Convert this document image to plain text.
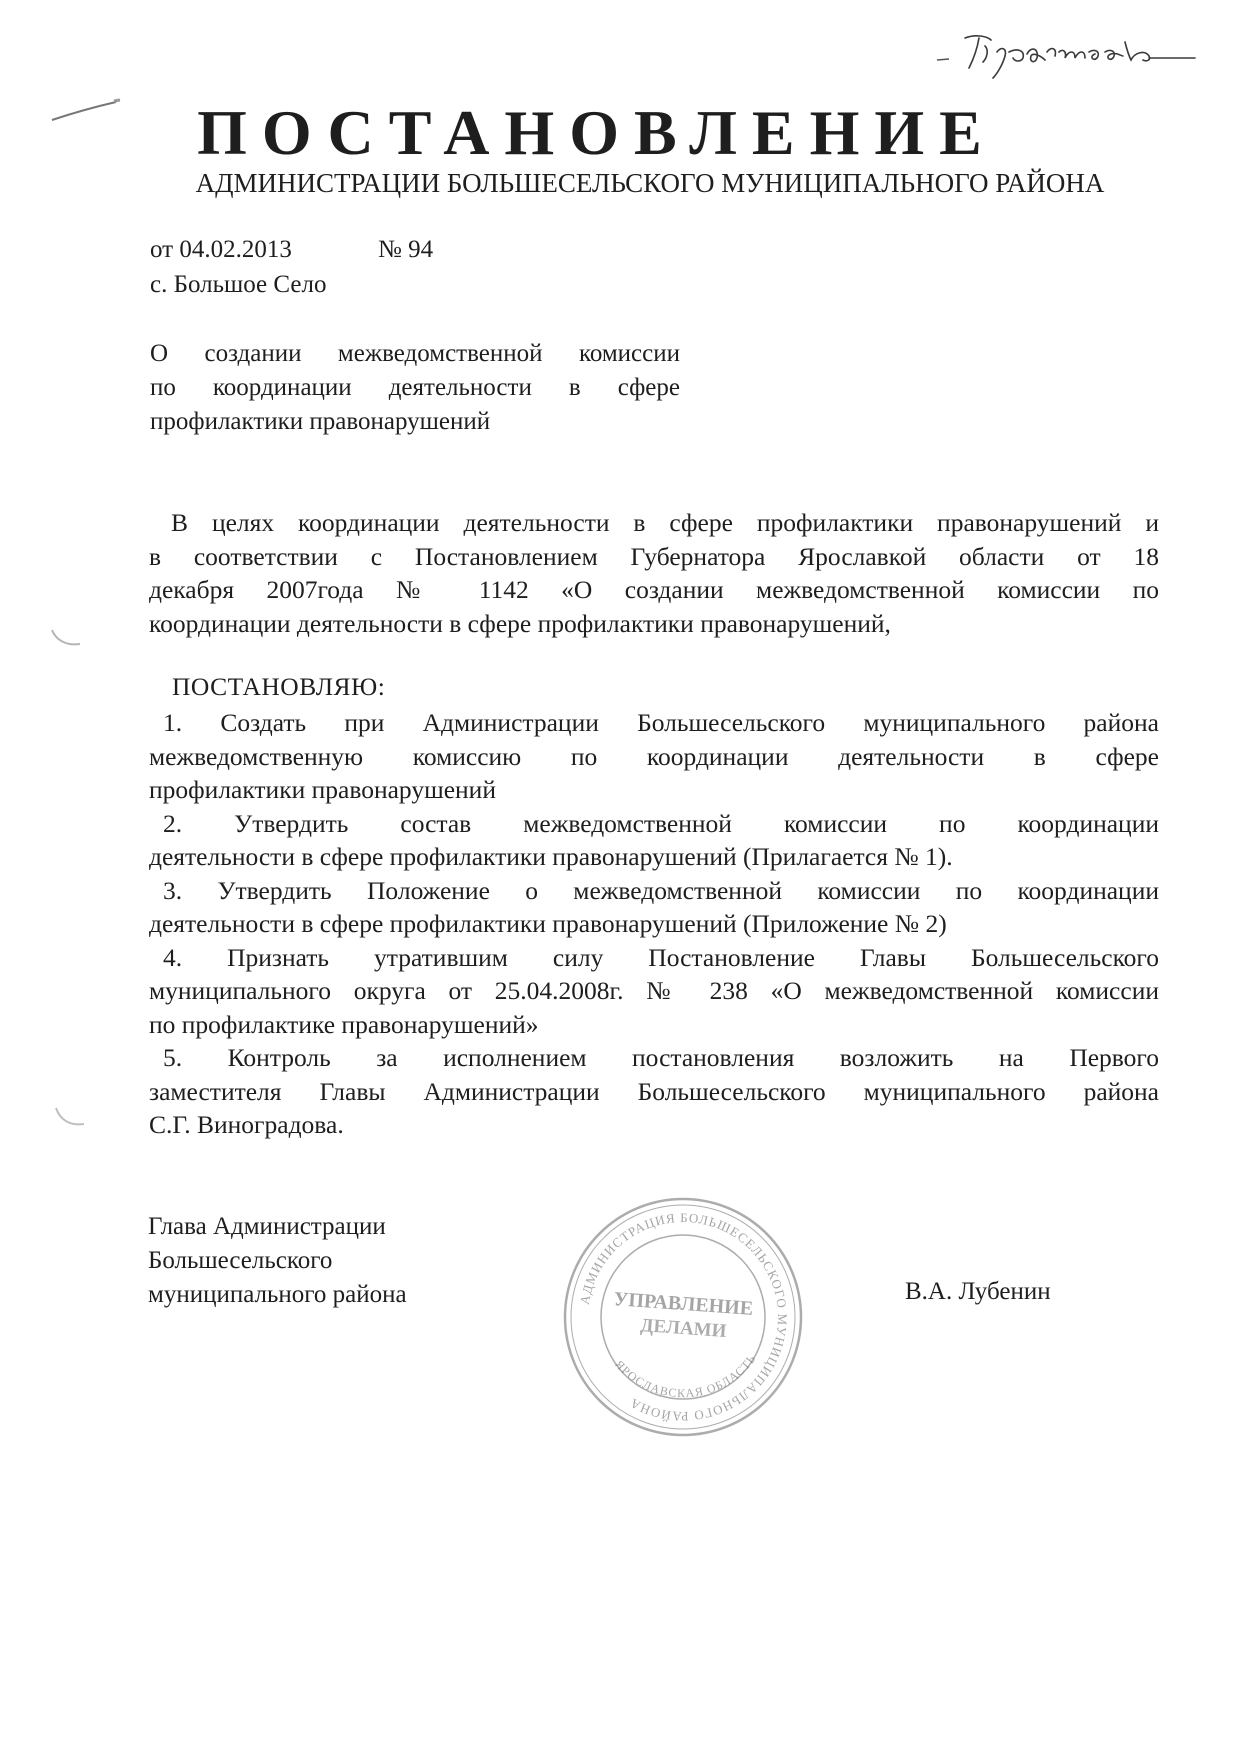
ПОСТАНОВЛЕНИЕ
АДМИНИСТРАЦИИ БОЛЬШЕСЕЛЬСКОГО МУНИЦИПАЛЬНОГО РАЙОНА
от 04.02.2013	№ 94
с. Большое Село
О создании межведомственной комиссии
по координации деятельности в сфере
профилактики правонарушений
В целях координации деятельности в сфере профилактики правонарушений и
в соответствии с Постановлением Губернатора Ярославкой области от 18
декабря 2007года № 1142 «О создании межведомственной комиссии по
координации деятельности в сфере профилактики правонарушений,
ПОСТАНОВЛЯЮ:
1. Создать при Администрации Большесельского муниципального района
межведомственную комиссию по координации деятельности в сфере
профилактики правонарушений
2. Утвердить состав межведомственной комиссии по координации
деятельности в сфере профилактики правонарушений (Прилагается № 1).
3. Утвердить Положение о межведомственной комиссии по координации
деятельности в сфере профилактики правонарушений (Приложение № 2)
4. Признать утратившим силу Постановление Главы Большесельского
муниципального округа от 25.04.2008г. № 238 «О межведомственной комиссии
по профилактике правонарушений»
5. Контроль за исполнением постановления возложить на Первого
заместителя Главы Администрации Большесельского муниципального района
С.Г. Виноградова.
Глава Администрации
Большесельского
муниципального района	В.А. Лубенин
АДМИНИСТРАЦИЯ БОЛЬШЕСЕЛЬСКОГО МУНИЦИПАЛЬНОГО РАЙОНА
ЯРОСЛАВСКАЯ ОБЛАСТЬ
УПРАВЛЕНИЕ
ДЕЛАМИ
